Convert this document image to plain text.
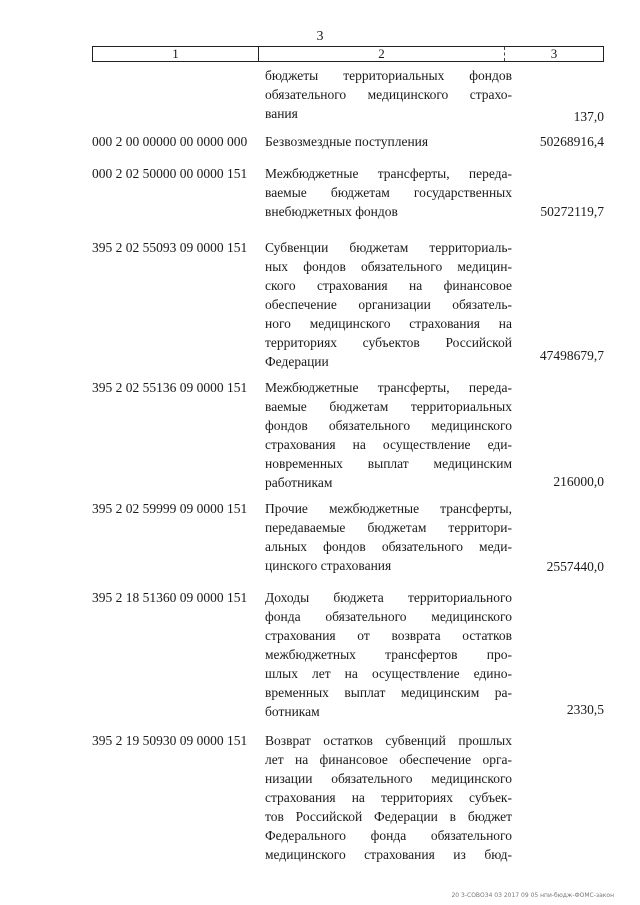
3
1	2	3
бюджеты территориальных фондов
обязательного медицинского страхо-
вания	137,0
000 2 00 00000 00 0000 000	Безвозмездные поступления	50268916,4
000 2 02 50000 00 0000 151	Межбюджетные трансферты, переда-
ваемые бюджетам государственных
внебюджетных фондов	50272119,7
395 2 02 55093 09 0000 151	Субвенции бюджетам территориаль-
ных фондов обязательного медицин-
ского страхования на финансовое
обеспечение организации обязатель-
ного медицинского страхования на
территориях субъектов Российской
Федерации	47498679,7
395 2 02 55136 09 0000 151	Межбюджетные трансферты, переда-
ваемые бюджетам территориальных
фондов обязательного медицинского
страхования на осуществление еди-
новременных выплат медицинским
работникам	216000,0
395 2 02 59999 09 0000 151	Прочие межбюджетные трансферты,
передаваемые бюджетам территори-
альных фондов обязательного меди-
цинского страхования	2557440,0
395 2 18 51360 09 0000 151	Доходы бюджета территориального
фонда обязательного медицинского
страхования от возврата остатков
межбюджетных трансфертов про-
шлых лет на осуществление едино-
временных выплат медицинским ра-
ботникам	2330,5
395 2 19 50930 09 0000 151	Возврат остатков субвенций прошлых
лет на финансовое обеспечение орга-
низации обязательного медицинского
страхования на территориях субъек-
тов Российской Федерации в бюджет
Федерального фонда обязательного
медицинского страхования из бюд-
20 3-СОВО34 03 2017 09 05 нпи-бюдж-ФОМС-закон
